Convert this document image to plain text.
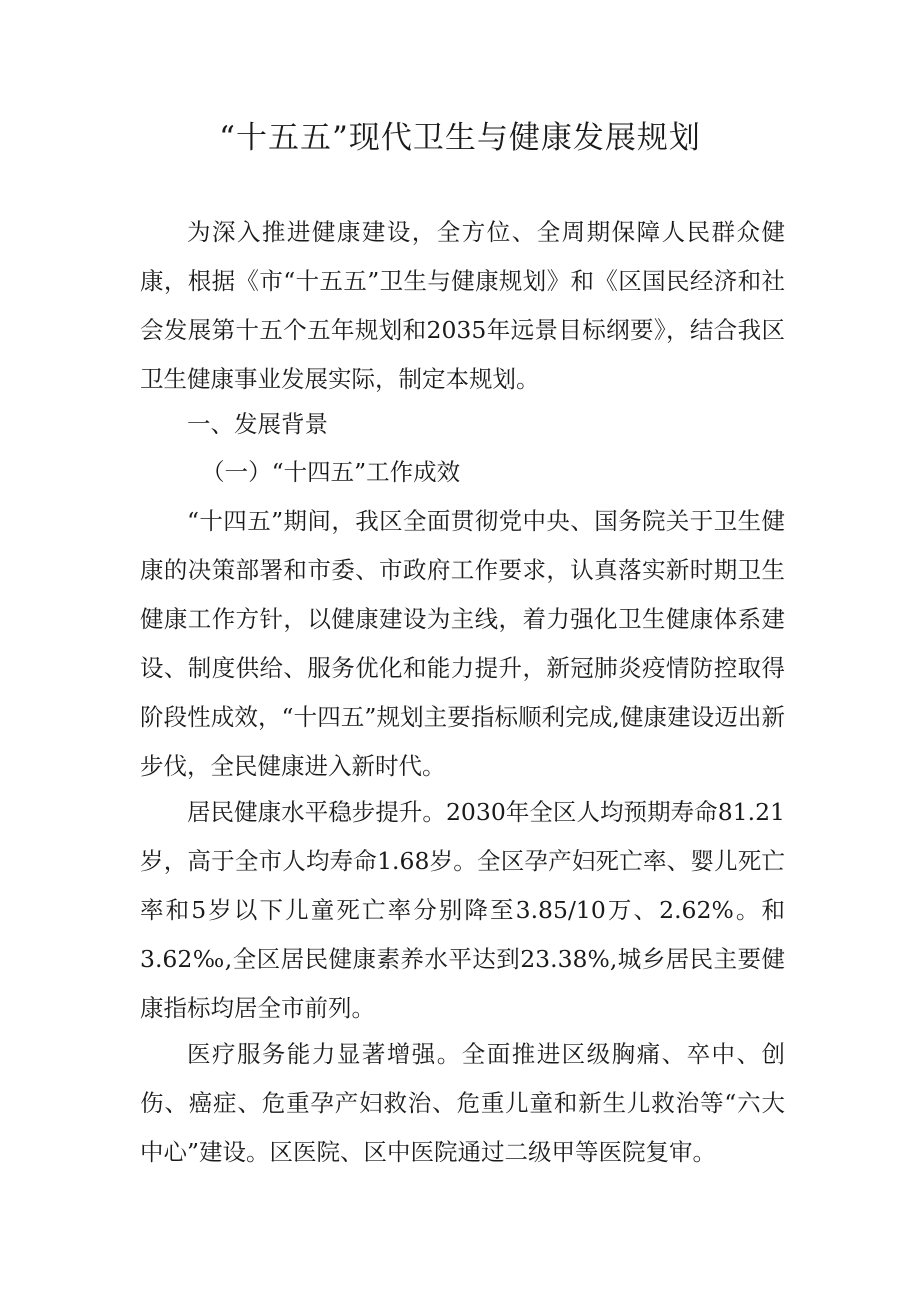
“十五五”现代卫生与健康发展规划

为深入推进健康建设，全方位、全周期保障人民群众健康，根据《市“十五五”卫生与健康规划》和《区国民经济和社会发展第十五个五年规划和2035年远景目标纲要》，结合我区卫生健康事业发展实际，制定本规划。

一、发展背景

（一）“十四五”工作成效

“十四五”期间，我区全面贯彻党中央、国务院关于卫生健康的决策部署和市委、市政府工作要求，认真落实新时期卫生健康工作方针，以健康建设为主线，着力强化卫生健康体系建设、制度供给、服务优化和能力提升，新冠肺炎疫情防控取得阶段性成效，“十四五”规划主要指标顺利完成,健康建设迈出新步伐，全民健康进入新时代。

居民健康水平稳步提升。2030年全区人均预期寿命81.21岁，高于全市人均寿命1.68岁。全区孕产妇死亡率、婴儿死亡率和5岁以下儿童死亡率分别降至3.85/10万、2.62%。和3.62‰,全区居民健康素养水平达到23.38%,城乡居民主要健康指标均居全市前列。

医疗服务能力显著增强。全面推进区级胸痛、卒中、创伤、癌症、危重孕产妇救治、危重儿童和新生儿救治等“六大中心”建设。区医院、区中医院通过二级甲等医院复审。
